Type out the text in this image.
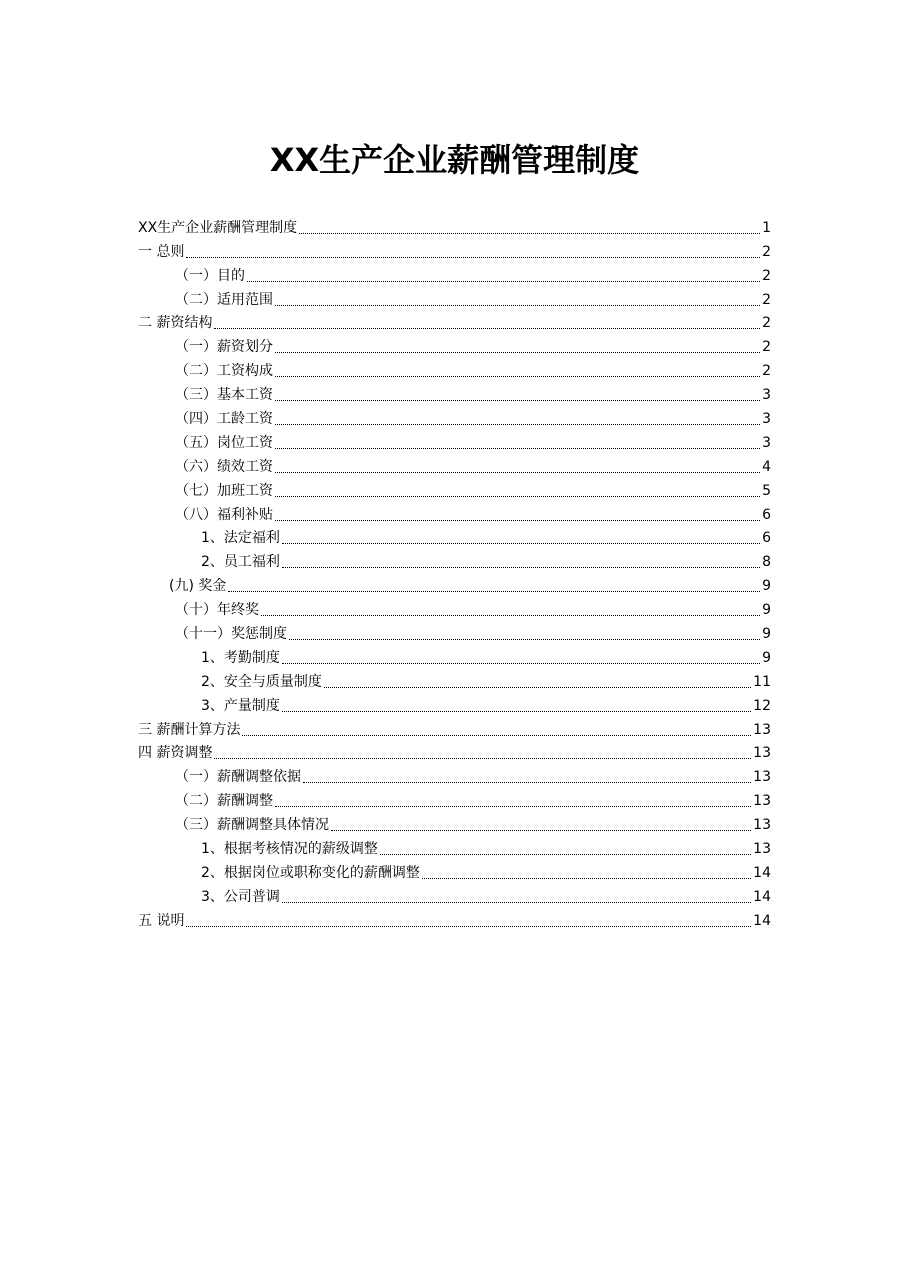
XX生产企业薪酬管理制度
XX生产企业薪酬管理制度	1
一 总则	2
（一）目的	2
（二）适用范围	2
二 薪资结构	2
（一）薪资划分	2
（二）工资构成	2
（三）基本工资	3
（四）工龄工资	3
（五）岗位工资	3
（六）绩效工资	4
（七）加班工资	5
（八）福利补贴	6
1、法定福利	6
2、员工福利	8
(九) 奖金	9
（十）年终奖	9
（十一）奖惩制度	9
1、考勤制度	9
2、安全与质量制度	11
3、产量制度	12
三 薪酬计算方法	13
四 薪资调整	13
（一）薪酬调整依据	13
（二）薪酬调整	13
（三）薪酬调整具体情况	13
1、根据考核情况的薪级调整	13
2、根据岗位或职称变化的薪酬调整	14
3、公司普调	14
五 说明	14
